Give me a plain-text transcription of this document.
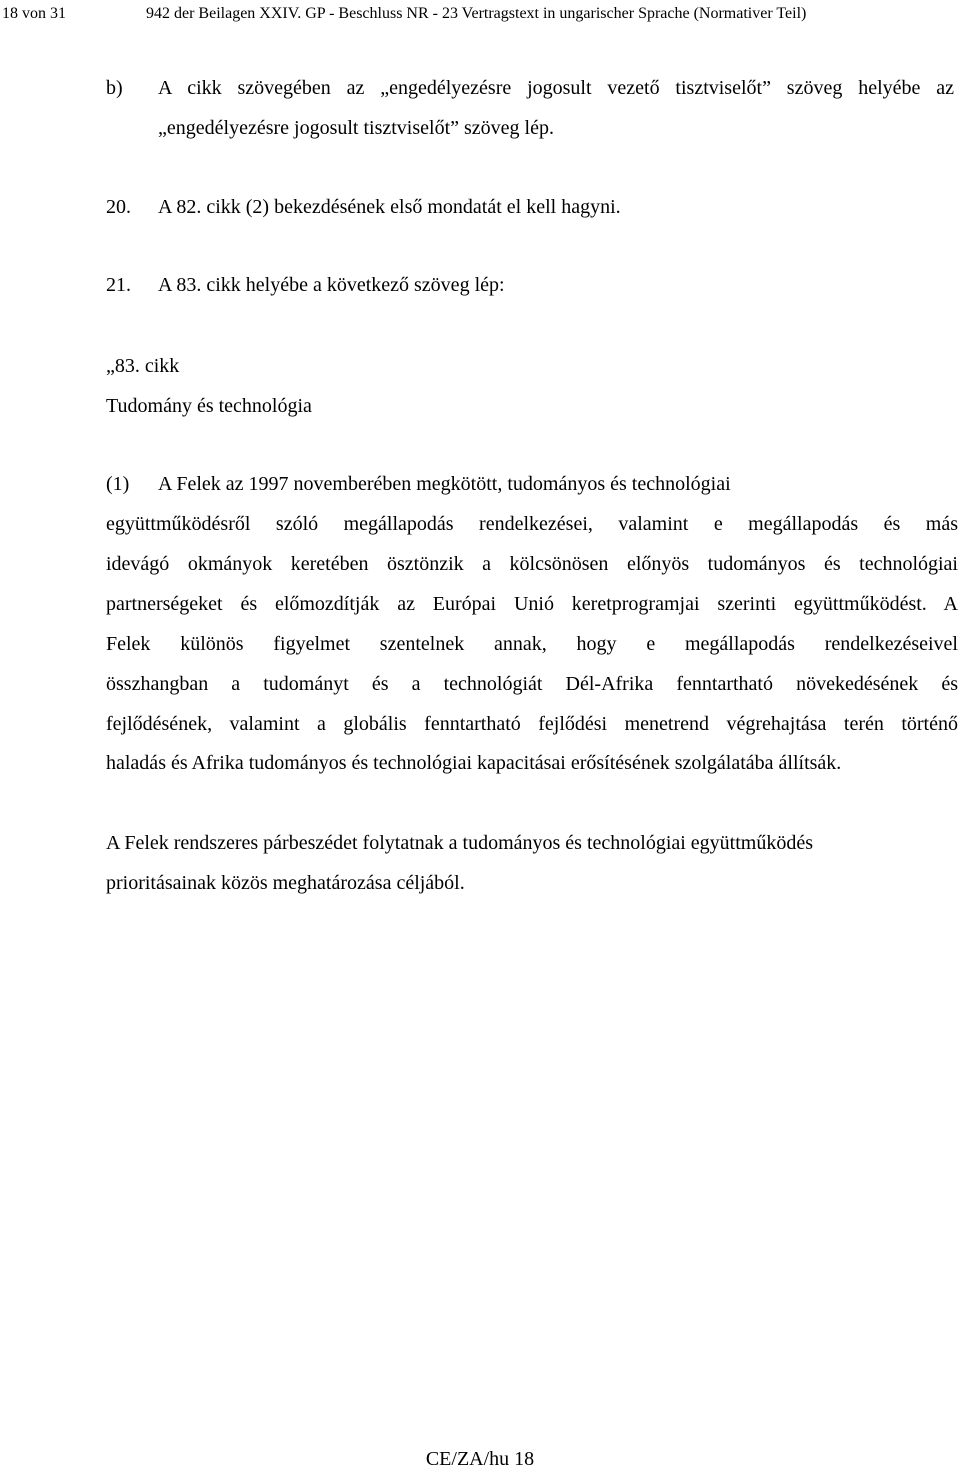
18 von 31	942 der Beilagen XXIV. GP - Beschluss NR - 23 Vertragstext in ungarischer Sprache (Normativer Teil)
b) A cikk szövegében az „engedélyezésre jogosult vezető tisztviselőt” szöveg helyébe az
„engedélyezésre jogosult tisztviselőt” szöveg lép.
20. A 82. cikk (2) bekezdésének első mondatát el kell hagyni.
21. A 83. cikk helyébe a következő szöveg lép:
„83. cikk
Tudomány és technológia
(1) A Felek az 1997 novemberében megkötött, tudományos és technológiai
együttműködésről szóló megállapodás rendelkezései, valamint e megállapodás és más
idevágó okmányok keretében ösztönzik a kölcsönösen előnyös tudományos és technológiai
partnerségeket és előmozdítják az Európai Unió keretprogramjai szerinti együttműködést. A
Felek különös figyelmet szentelnek annak, hogy e megállapodás rendelkezéseivel
összhangban a tudományt és a technológiát Dél-Afrika fenntartható növekedésének és
fejlődésének, valamint a globális fenntartható fejlődési menetrend végrehajtása terén történő
haladás és Afrika tudományos és technológiai kapacitásai erősítésének szolgálatába állítsák.
A Felek rendszeres párbeszédet folytatnak a tudományos és technológiai együttműködés
prioritásainak közös meghatározása céljából.
CE/ZA/hu 18
